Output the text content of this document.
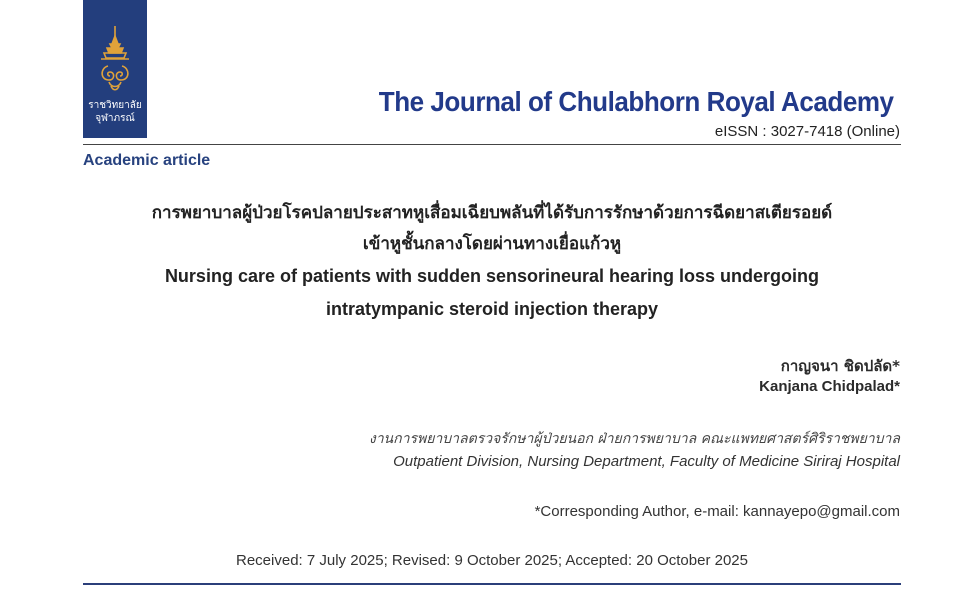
ราชวิทยาลัย
จุฬาภรณ์
The Journal of Chulabhorn Royal Academy
eISSN : 3027-7418 (Online)
Academic article
การพยาบาลผู้ป่วยโรคปลายประสาทหูเสื่อมเฉียบพลันที่ได้รับการรักษาด้วยการฉีดยาสเตียรอยด์
เข้าหูชั้นกลางโดยผ่านทางเยื่อแก้วหู
Nursing care of patients with sudden sensorineural hearing loss undergoing
intratympanic steroid injection therapy
กาญจนา ชิดปลัด*
Kanjana Chidpalad*
งานการพยาบาลตรวจรักษาผู้ป่วยนอก ฝ่ายการพยาบาล คณะแพทยศาสตร์ศิริราชพยาบาล
Outpatient Division, Nursing Department, Faculty of Medicine Siriraj Hospital
*Corresponding Author, e-mail: kannayepo@gmail.com
Received: 7 July 2025; Revised: 9 October 2025; Accepted: 20 October 2025
